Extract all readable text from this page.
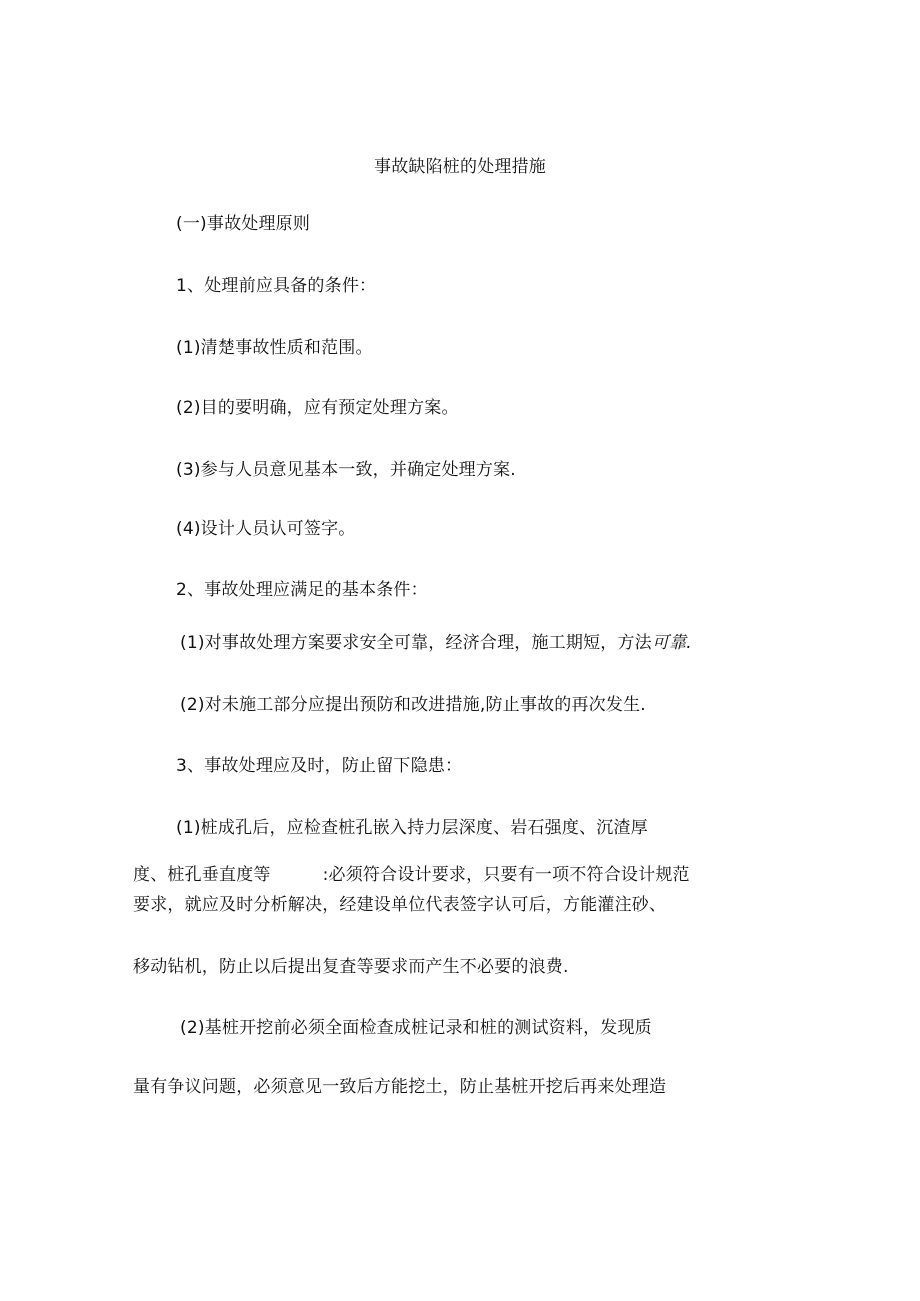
事故缺陷桩的处理措施
(一)事故处理原则
1、处理前应具备的条件：
(1)清楚事故性质和范围。
(2)目的要明确，应有预定处理方案。
(3)参与人员意见基本一致，并确定处理方案.
(4)设计人员认可签字。
2、事故处理应满足的基本条件：
(1)对事故处理方案要求安全可靠，经济合理，施工期短，方法可靠.
(2)对未施工部分应提出预防和改进措施,防止事故的再次发生.
3、事故处理应及时，防止留下隐患：
(1)桩成孔后，应检查桩孔嵌入持力层深度、岩石强度、沉渣厚
度、桩孔垂直度等	:必须符合设计要求，只要有一项不符合设计规范
要求，就应及时分析解决，经建设单位代表签字认可后，方能灌注砂、
移动钻机，防止以后提出复査等要求而产生不必要的浪费.
(2)基桩开挖前必须全面检查成桩记录和桩的测试资料，发现质
量有争议问题，必须意见一致后方能挖土，防止基桩开挖后再来处理造
